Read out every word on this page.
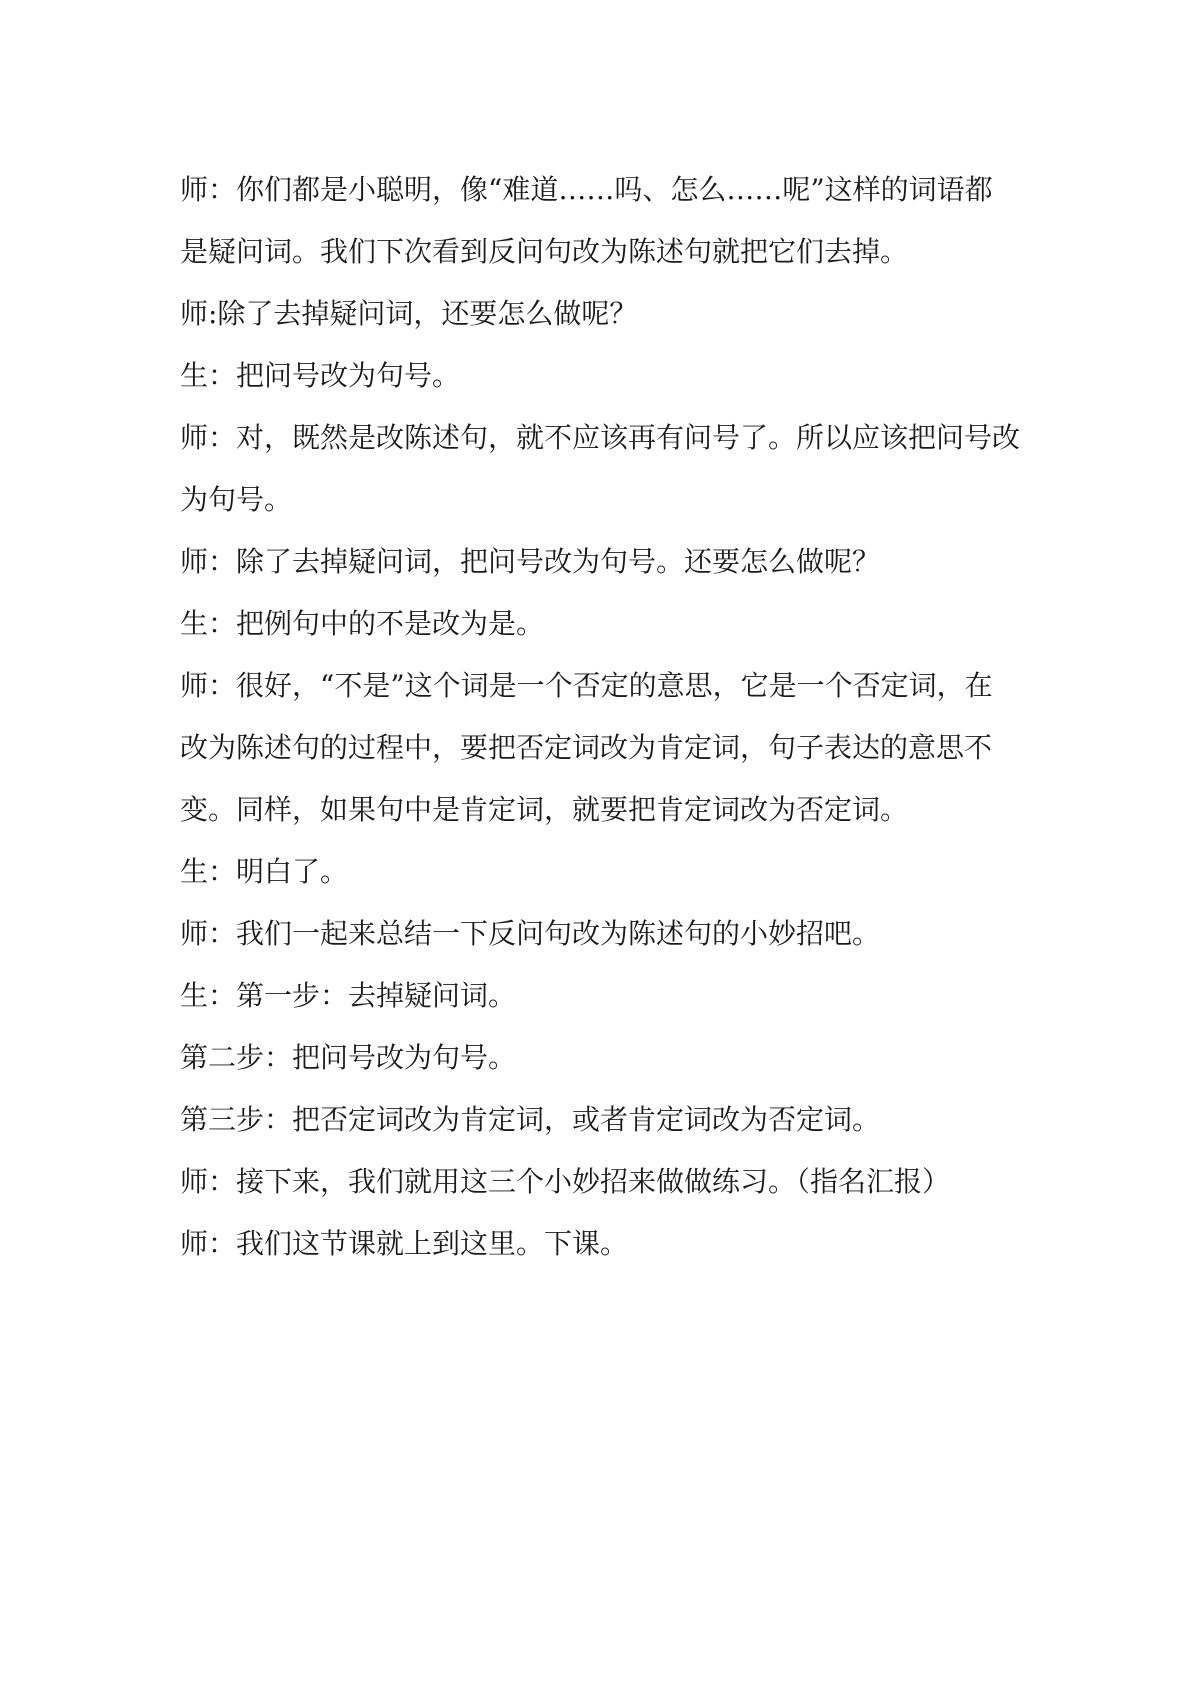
师：你们都是小聪明，像“难道……吗、怎么……呢”这样的词语都是疑问词。我们下次看到反问句改为陈述句就把它们去掉。

师:除了去掉疑问词，还要怎么做呢？

生：把问号改为句号。

师：对，既然是改陈述句，就不应该再有问号了。所以应该把问号改为句号。

师：除了去掉疑问词，把问号改为句号。还要怎么做呢？

生：把例句中的不是改为是。

师：很好，“不是”这个词是一个否定的意思，它是一个否定词，在改为陈述句的过程中，要把否定词改为肯定词，句子表达的意思不变。同样，如果句中是肯定词，就要把肯定词改为否定词。

生：明白了。

师：我们一起来总结一下反问句改为陈述句的小妙招吧。

生：第一步：去掉疑问词。

第二步：把问号改为句号。

第三步：把否定词改为肯定词，或者肯定词改为否定词。

师：接下来，我们就用这三个小妙招来做做练习。（指名汇报）

师：我们这节课就上到这里。下课。
